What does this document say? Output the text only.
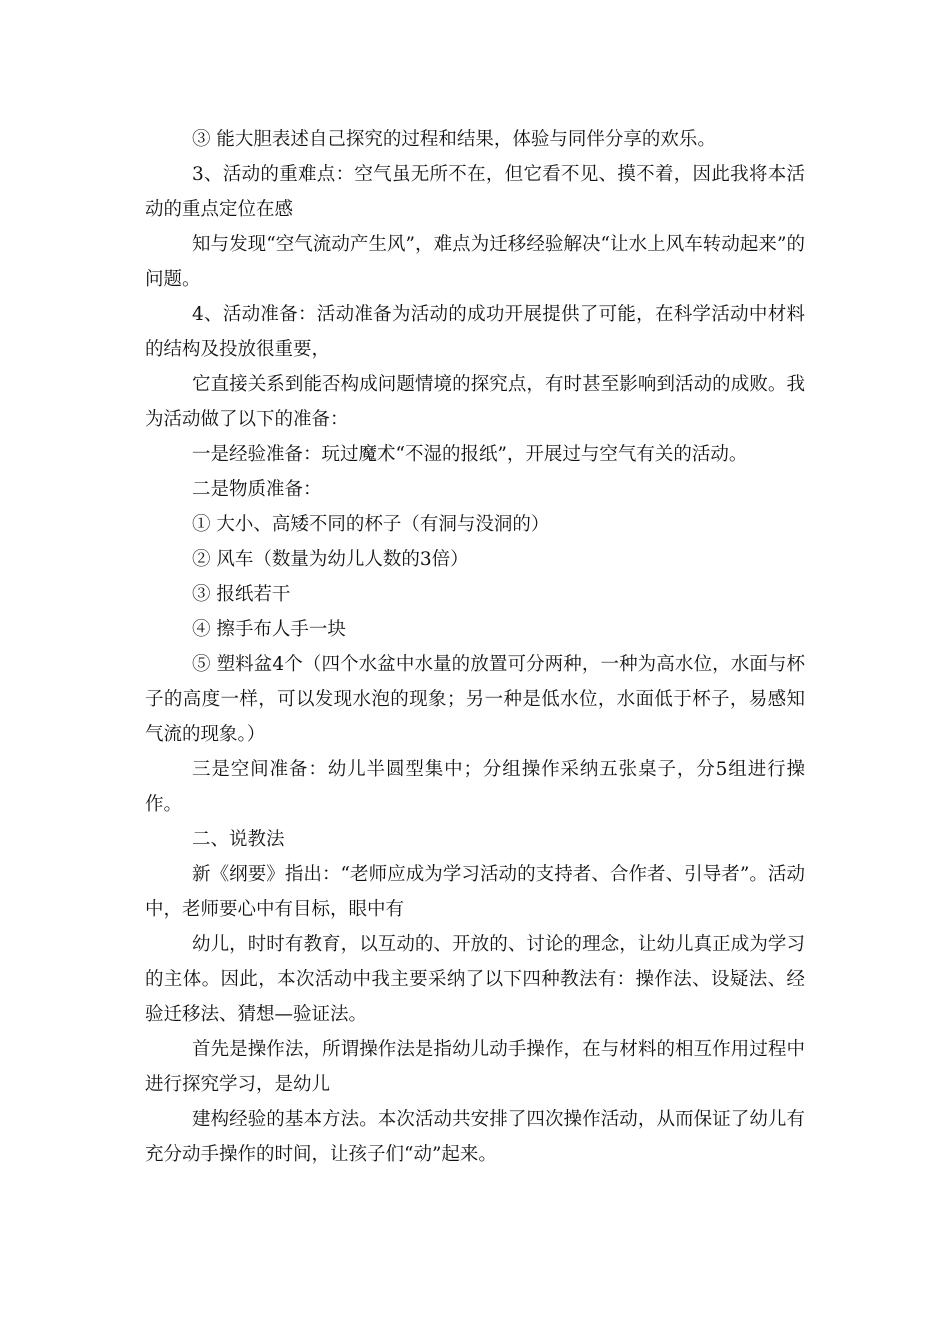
③ 能大胆表述自己探究的过程和结果，体验与同伴分享的欢乐。

3、活动的重难点：空气虽无所不在，但它看不见、摸不着，因此我将本活动的重点定位在感

知与发现“空气流动产生风”，难点为迁移经验解决“让水上风车转动起来”的问题。

4、活动准备：活动准备为活动的成功开展提供了可能，在科学活动中材料的结构及投放很重要，

它直接关系到能否构成问题情境的探究点，有时甚至影响到活动的成败。我为活动做了以下的准备：

一是经验准备：玩过魔术“不湿的报纸”，开展过与空气有关的活动。

二是物质准备：

① 大小、高矮不同的杯子（有洞与没洞的）

② 风车（数量为幼儿人数的3倍）

③ 报纸若干

④ 擦手布人手一块

⑤ 塑料盆4个（四个水盆中水量的放置可分两种，一种为高水位，水面与杯子的高度一样，可以发现水泡的现象；另一种是低水位，水面低于杯子，易感知气流的现象。）

三是空间准备：幼儿半圆型集中；分组操作采纳五张桌子，分5组进行操作。

二、说教法

新《纲要》指出：“老师应成为学习活动的支持者、合作者、引导者”。活动中，老师要心中有目标，眼中有

幼儿，时时有教育，以互动的、开放的、讨论的理念，让幼儿真正成为学习的主体。因此，本次活动中我主要采纳了以下四种教法有：操作法、设疑法、经验迁移法、猜想—验证法。

首先是操作法，所谓操作法是指幼儿动手操作，在与材料的相互作用过程中进行探究学习，是幼儿

建构经验的基本方法。本次活动共安排了四次操作活动，从而保证了幼儿有充分动手操作的时间，让孩子们“动”起来。
